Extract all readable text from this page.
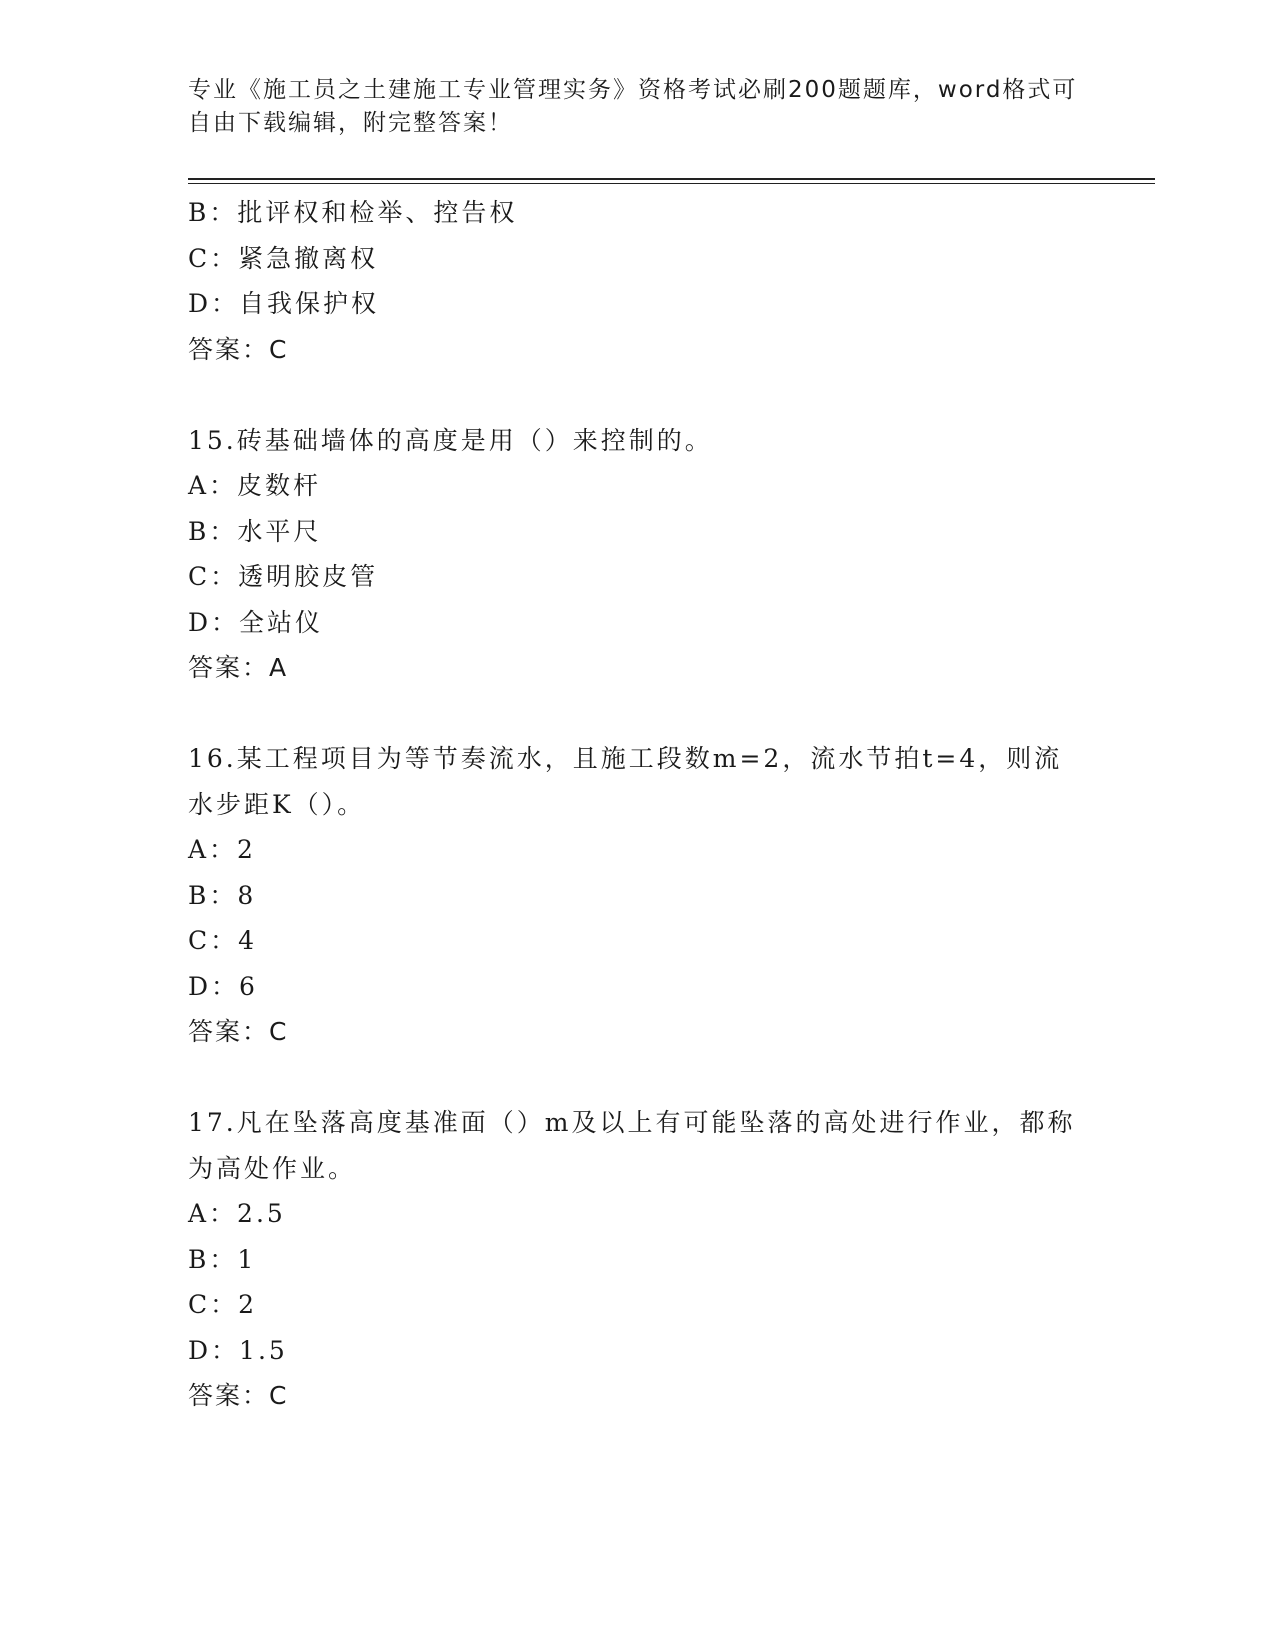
专业《施工员之土建施工专业管理实务》资格考试必刷200题题库，word格式可自由下载编辑，附完整答案！
B：批评权和检举、控告权
C：紧急撤离权
D：自我保护权
答案：C
15.砖基础墙体的高度是用（）来控制的。
A：皮数杆
B：水平尺
C：透明胶皮管
D：全站仪
答案：A
16.某工程项目为等节奏流水，且施工段数m=2，流水节拍t=4，则流水步距K（）。
A：2
B：8
C：4
D：6
答案：C
17.凡在坠落高度基准面（）m及以上有可能坠落的高处进行作业，都称为高处作业。
A：2.5
B：1
C：2
D：1.5
答案：C
